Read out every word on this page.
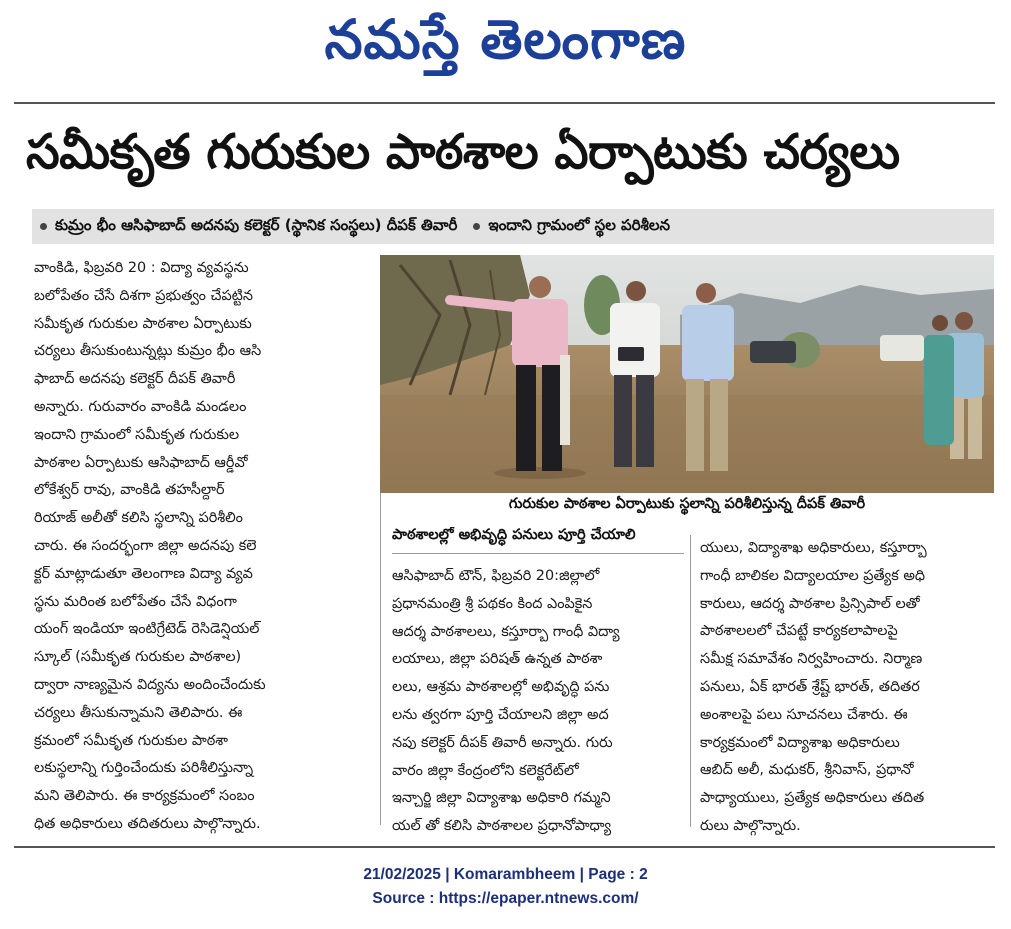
నమస్తే తెలంగాణ
సమీకృత గురుకుల పాఠశాల ఏర్పాటుకు చర్యలు
కుమ్రం భీం ఆసిఫాబాద్ అదనపు కలెక్టర్ (స్థానిక సంస్థలు) దీపక్ తివారీ ఇందాని గ్రామంలో స్థల పరిశీలన
వాంకిడి, ఫిబ్రవరి 20 : విద్యా వ్యవస్థను
బలోపేతం చేసే దిశగా ప్రభుత్వం చేపట్టిన
సమీకృత గురుకుల పాఠశాల ఏర్పాటుకు
చర్యలు తీసుకుంటున్నట్లు కుమ్రం భీం ఆసి
ఫాబాద్ అదనపు కలెక్టర్ దీపక్ తివారీ
అన్నారు. గురువారం వాంకిడి మండలం
ఇందాని గ్రామంలో సమీకృత గురుకుల
పాఠశాల ఏర్పాటుకు ఆసిఫాబాద్ ఆర్డీవో
లోకేశ్వర్ రావు, వాంకిడి తహసీల్దార్
రియాజ్ అలీతో కలిసి స్థలాన్ని పరిశీలిం
చారు. ఈ సందర్భంగా జిల్లా అదనపు కలె
క్టర్ మాట్లాడుతూ తెలంగాణ విద్యా వ్యవ
స్థను మరింత బలోపేతం చేసే విధంగా
యంగ్ ఇండియా ఇంటిగ్రేటెడ్ రెసిడెన్షియల్
స్కూల్ (సమీకృత గురుకుల పాఠశాల)
ద్వారా నాణ్యమైన విద్యను అందించేందుకు
చర్యలు తీసుకున్నామని తెలిపారు. ఈ
క్రమంలో సమీకృత గురుకుల పాఠశా
లకుస్థలాన్ని గుర్తించేందుకు పరిశీలిస్తున్నా
మని తెలిపారు. ఈ కార్యక్రమంలో సంబం
ధిత అధికారులు తదితరులు పాల్గొన్నారు.
గురుకుల పాఠశాల ఏర్పాటుకు స్థలాన్ని పరిశీలిస్తున్న దీపక్ తివారీ
పాఠశాలల్లో అభివృద్ధి పనులు పూర్తి చేయాలి
ఆసిఫాబాద్ టౌన్, ఫిబ్రవరి 20:జిల్లాలో
ప్రధానమంత్రి శ్రీ పథకం కింద ఎంపికైన
ఆదర్శ పాఠశాలలు, కస్తూర్బా గాంధీ విద్యా
లయాలు, జిల్లా పరిషత్ ఉన్నత పాఠశా
లలు, ఆశ్రమ పాఠశాలల్లో అభివృద్ధి పను
లను త్వరగా పూర్తి చేయాలని జిల్లా అద
నపు కలెక్టర్ దీపక్ తివారీ అన్నారు. గురు
వారం జిల్లా కేంద్రంలోని కలెక్టరేట్‌లో
ఇన్చార్జి జిల్లా విద్యాశాఖ అధికారి గమ్మని
యల్ తో కలిసి పాఠశాలల ప్రధానోపాధ్యా
యులు, విద్యాశాఖ అధికారులు, కస్తూర్బా
గాంధీ బాలికల విద్యాలయాల ప్రత్యేక అధి
కారులు, ఆదర్శ పాఠశాల ప్రిన్సిపాల్ లతో
పాఠశాలలలో చేపట్టే కార్యకలాపాలపై
సమీక్ష సమావేశం నిర్వహించారు. నిర్మాణ
పనులు, ఏక్ భారత్ శ్రేష్ట్ భారత్, తదితర
అంశాలపై పలు సూచనలు చేశారు. ఈ
కార్యక్రమంలో విద్యాశాఖ అధికారులు
ఆబిద్ అలీ, మధుకర్, శ్రీనివాస్, ప్రధానో
పాధ్యాయులు, ప్రత్యేక అధికారులు తదిత
రులు పాల్గొన్నారు.
21/02/2025 | Komarambheem | Page : 2
Source : https://epaper.ntnews.com/
